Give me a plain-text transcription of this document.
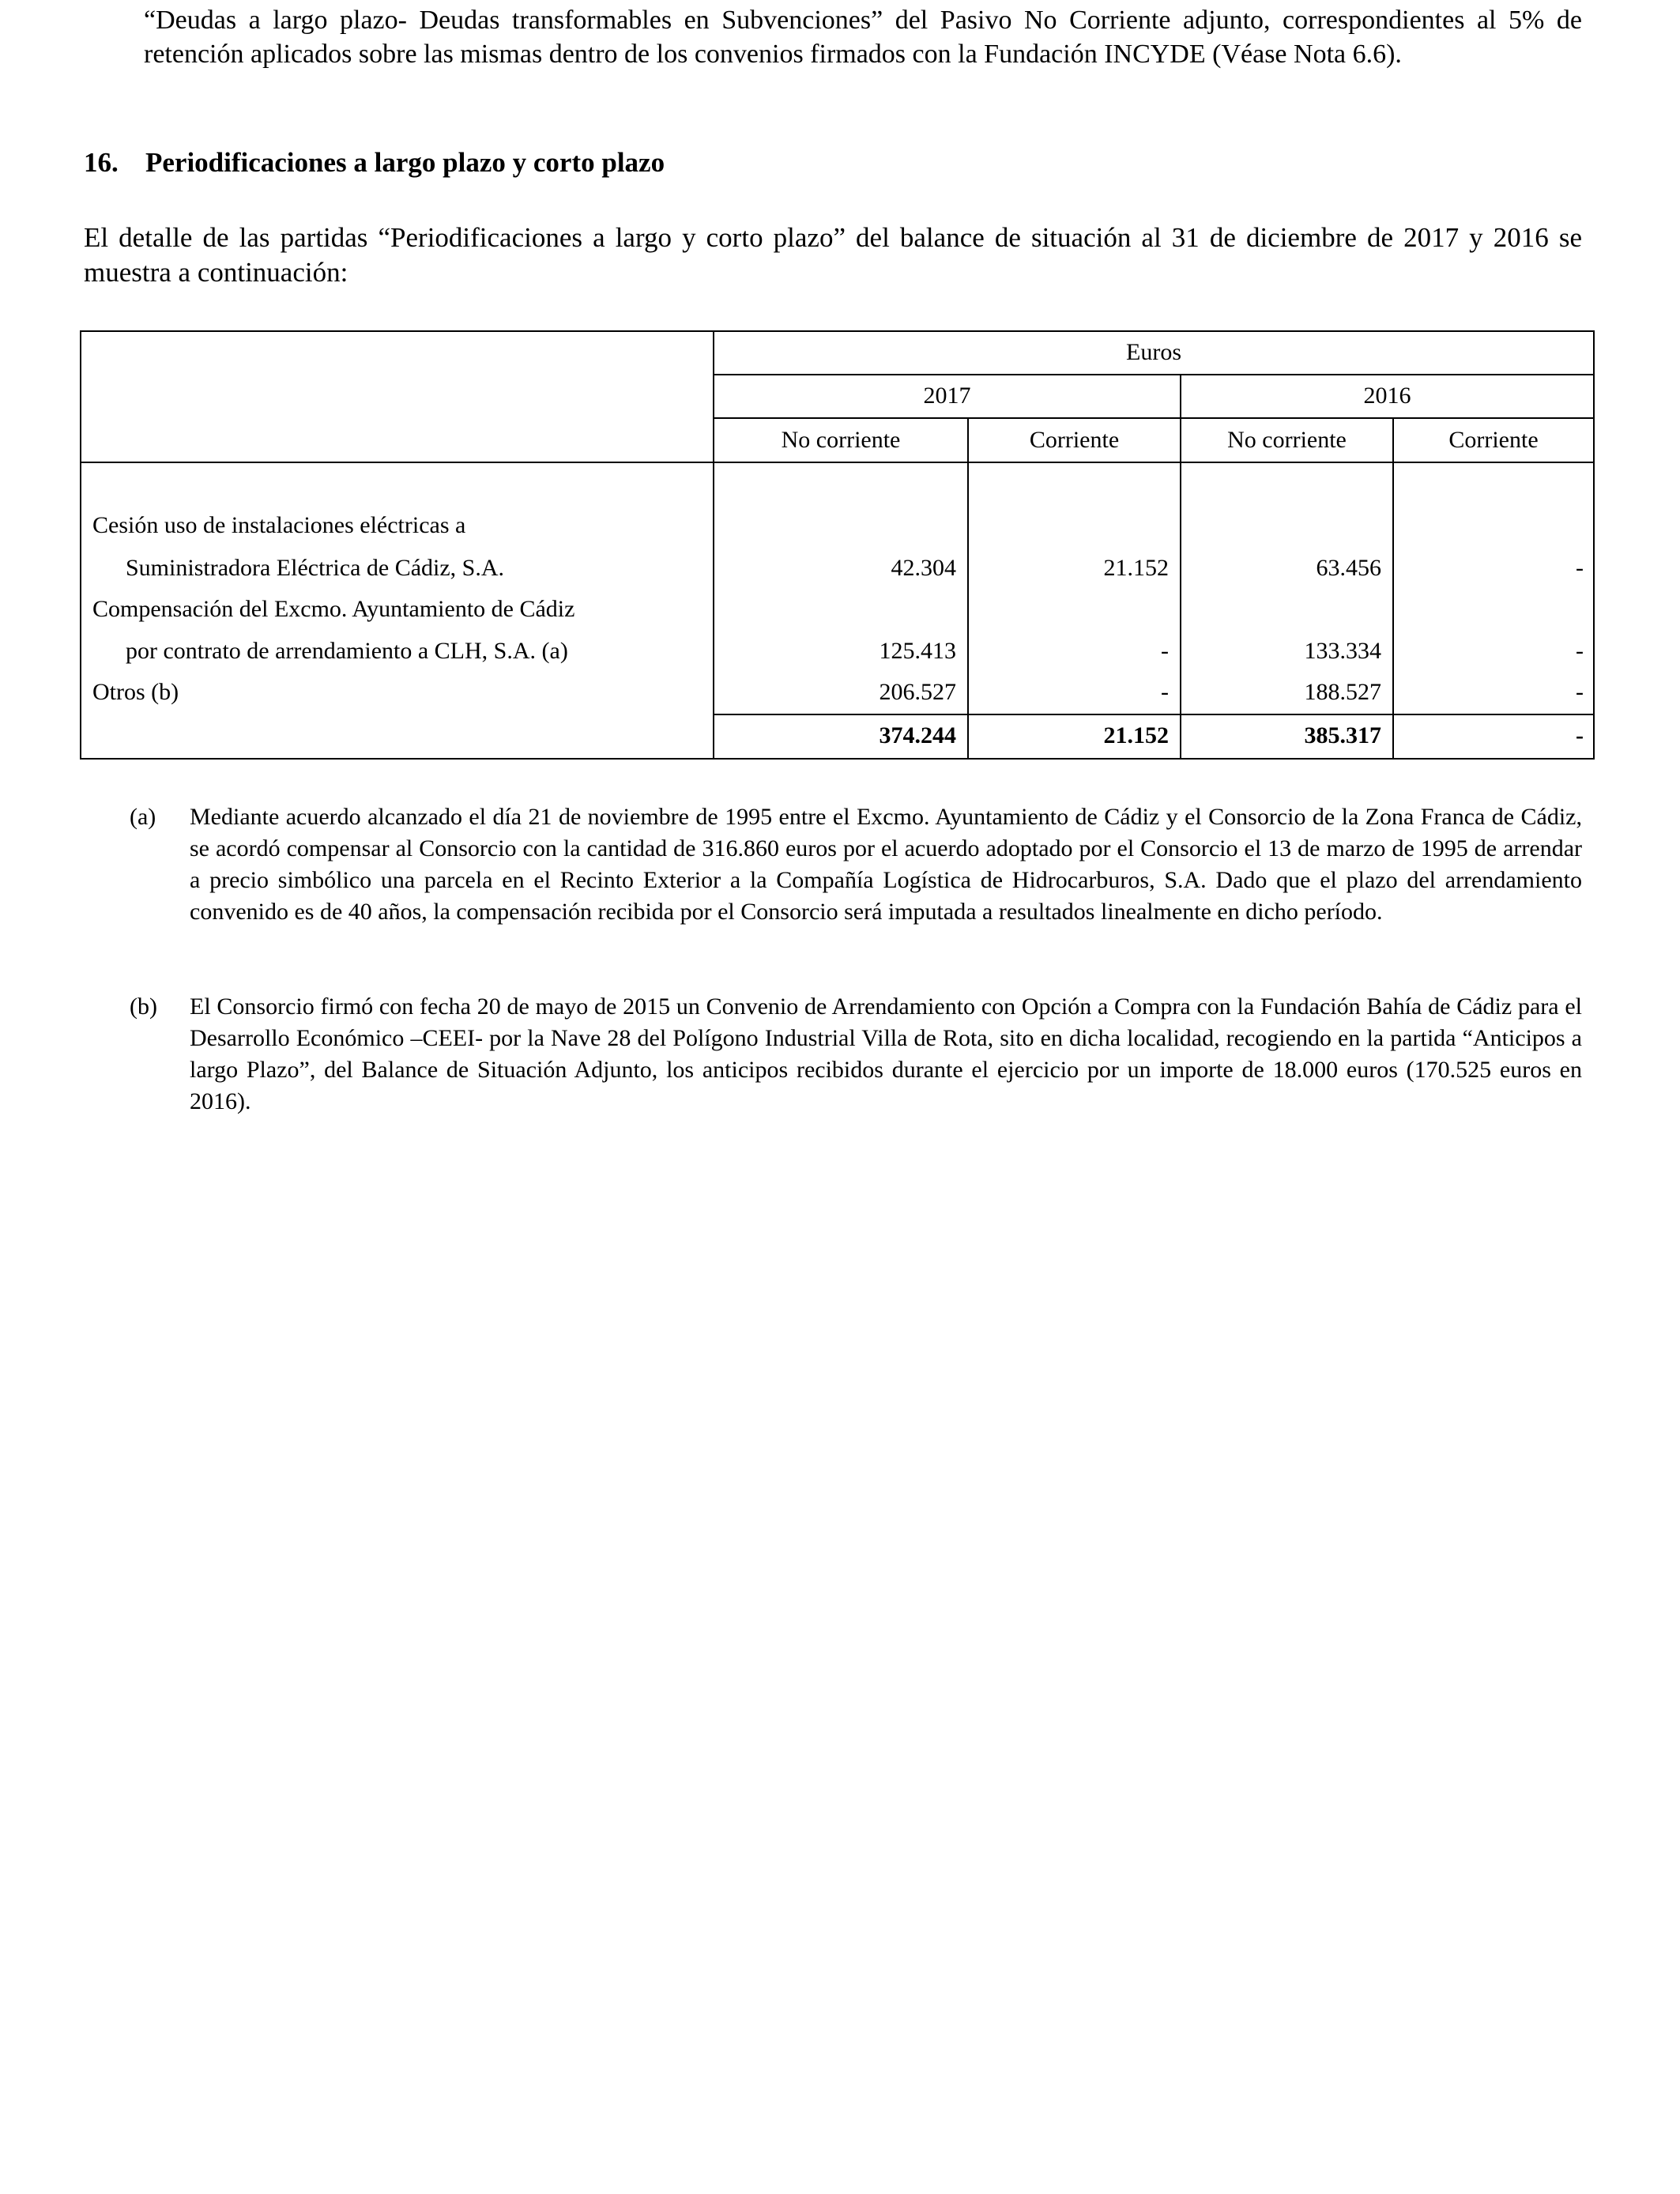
“Deudas a largo plazo- Deudas transformables en Subvenciones” del Pasivo No Corriente adjunto, correspondientes al 5% de retención aplicados sobre las mismas dentro de los convenios firmados con la Fundación INCYDE (Véase Nota 6.6).

16. Periodificaciones a largo plazo y corto plazo

El detalle de las partidas “Periodificaciones a largo y corto plazo” del balance de situación al 31 de diciembre de 2017 y 2016 se muestra a continuación:

Euros
2017	2016
No corriente	Corriente	No corriente	Corriente
Cesión uso de instalaciones eléctricas a
Suministradora Eléctrica de Cádiz, S.A.	42.304	21.152	63.456	-
Compensación del Excmo. Ayuntamiento de Cádiz
por contrato de arrendamiento a CLH, S.A. (a)	125.413	-	133.334	-
Otros (b)	206.527	-	188.527	-
374.244	21.152	385.317	-
(a) Mediante acuerdo alcanzado el día 21 de noviembre de 1995 entre el Excmo. Ayuntamiento de Cádiz y el Consorcio de la Zona Franca de Cádiz, se acordó compensar al Consorcio con la cantidad de 316.860 euros por el acuerdo adoptado por el Consorcio el 13 de marzo de 1995 de arrendar a precio simbólico una parcela en el Recinto Exterior a la Compañía Logística de Hidrocarburos, S.A. Dado que el plazo del arrendamiento convenido es de 40 años, la compensación recibida por el Consorcio será imputada a resultados linealmente en dicho período.

(b) El Consorcio firmó con fecha 20 de mayo de 2015 un Convenio de Arrendamiento con Opción a Compra con la Fundación Bahía de Cádiz para el Desarrollo Económico –CEEI- por la Nave 28 del Polígono Industrial Villa de Rota, sito en dicha localidad, recogiendo en la partida “Anticipos a largo Plazo”, del Balance de Situación Adjunto, los anticipos recibidos durante el ejercicio por un importe de 18.000 euros (170.525 euros en 2016).
